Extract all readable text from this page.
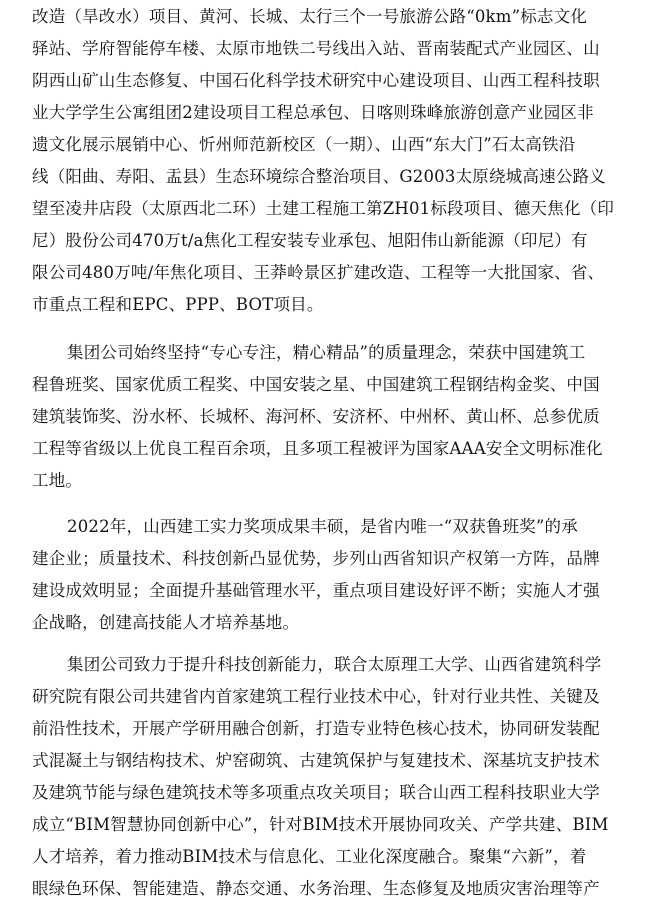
改造（旱改水）项目、黄河、长城、太行三个一号旅游公路“0km”标志文化
驿站、学府智能停车楼、太原市地铁二号线出入站、晋南装配式产业园区、山
阴西山矿山生态修复、中国石化科学技术研究中心建设项目、山西工程科技职
业大学学生公寓组团2建设项目工程总承包、日喀则珠峰旅游创意产业园区非
遗文化展示展销中心、忻州师范新校区（一期）、山西“东大门”石太高铁沿
线（阳曲、寿阳、盂县）生态环境综合整治项目、G2003太原绕城高速公路义
望至凌井店段（太原西北二环）土建工程施工第ZH01标段项目、德天焦化（印
尼）股份公司470万t/a焦化工程安装专业承包、旭阳伟山新能源（印尼）有
限公司480万吨/年焦化项目、王莽岭景区扩建改造、工程等一大批国家、省、
市重点工程和EPC、PPP、BOT项目。
集团公司始终坚持“专心专注，精心精品”的质量理念，荣获中国建筑工
程鲁班奖、国家优质工程奖、中国安装之星、中国建筑工程钢结构金奖、中国
建筑装饰奖、汾水杯、长城杯、海河杯、安济杯、中州杯、黄山杯、总参优质
工程等省级以上优良工程百余项，且多项工程被评为国家AAA安全文明标准化
工地。
2022年，山西建工实力奖项成果丰硕，是省内唯一“双获鲁班奖”的承
建企业；质量技术、科技创新凸显优势，步列山西省知识产权第一方阵，品牌
建设成效明显；全面提升基础管理水平，重点项目建设好评不断；实施人才强
企战略，创建高技能人才培养基地。
集团公司致力于提升科技创新能力，联合太原理工大学、山西省建筑科学
研究院有限公司共建省内首家建筑工程行业技术中心，针对行业共性、关键及
前沿性技术，开展产学研用融合创新，打造专业特色核心技术，协同研发装配
式混凝土与钢结构技术、炉窑砌筑、古建筑保护与复建技术、深基坑支护技术
及建筑节能与绿色建筑技术等多项重点攻关项目；联合山西工程科技职业大学
成立“BIM智慧协同创新中心”，针对BIM技术开展协同攻关、产学共建、BIM
人才培养，着力推动BIM技术与信息化、工业化深度融合。聚集“六新”，着
眼绿色环保、智能建造、静态交通、水务治理、生态修复及地质灾害治理等产
